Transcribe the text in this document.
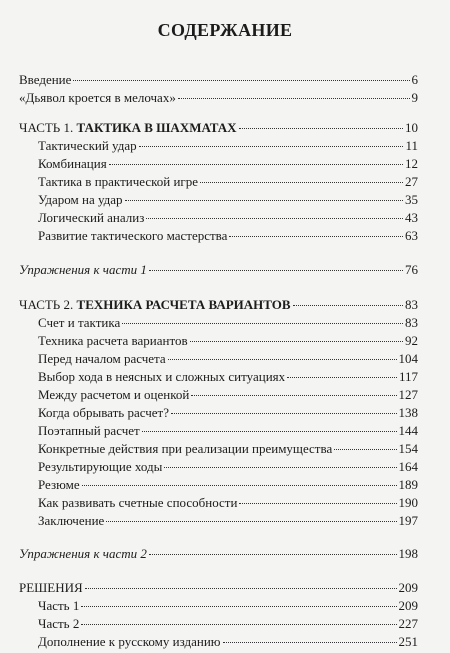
СОДЕРЖАНИЕ
Введение	6
«Дьявол кроется в мелочах»	9
ЧАСТЬ 1. ТАКТИКА В ШАХМАТАХ	10
Тактический удар	11
Комбинация	12
Тактика в практической игре	27
Ударом на удар	35
Логический анализ	43
Развитие тактического мастерства	63
Упражнения к части 1	76
ЧАСТЬ 2. ТЕХНИКА РАСЧЕТА ВАРИАНТОВ	83
Счет и тактика	83
Техника расчета вариантов	92
Перед началом расчета	104
Выбор хода в неясных и сложных ситуациях	117
Между расчетом и оценкой	127
Когда обрывать расчет?	138
Поэтапный расчет	144
Конкретные действия при реализации преимущества	154
Результирующие ходы	164
Резюме	189
Как развивать счетные способности	190
Заключение	197
Упражнения к части 2	198
РЕШЕНИЯ	209
Часть 1	209
Часть 2	227
Дополнение к русскому изданию	251
